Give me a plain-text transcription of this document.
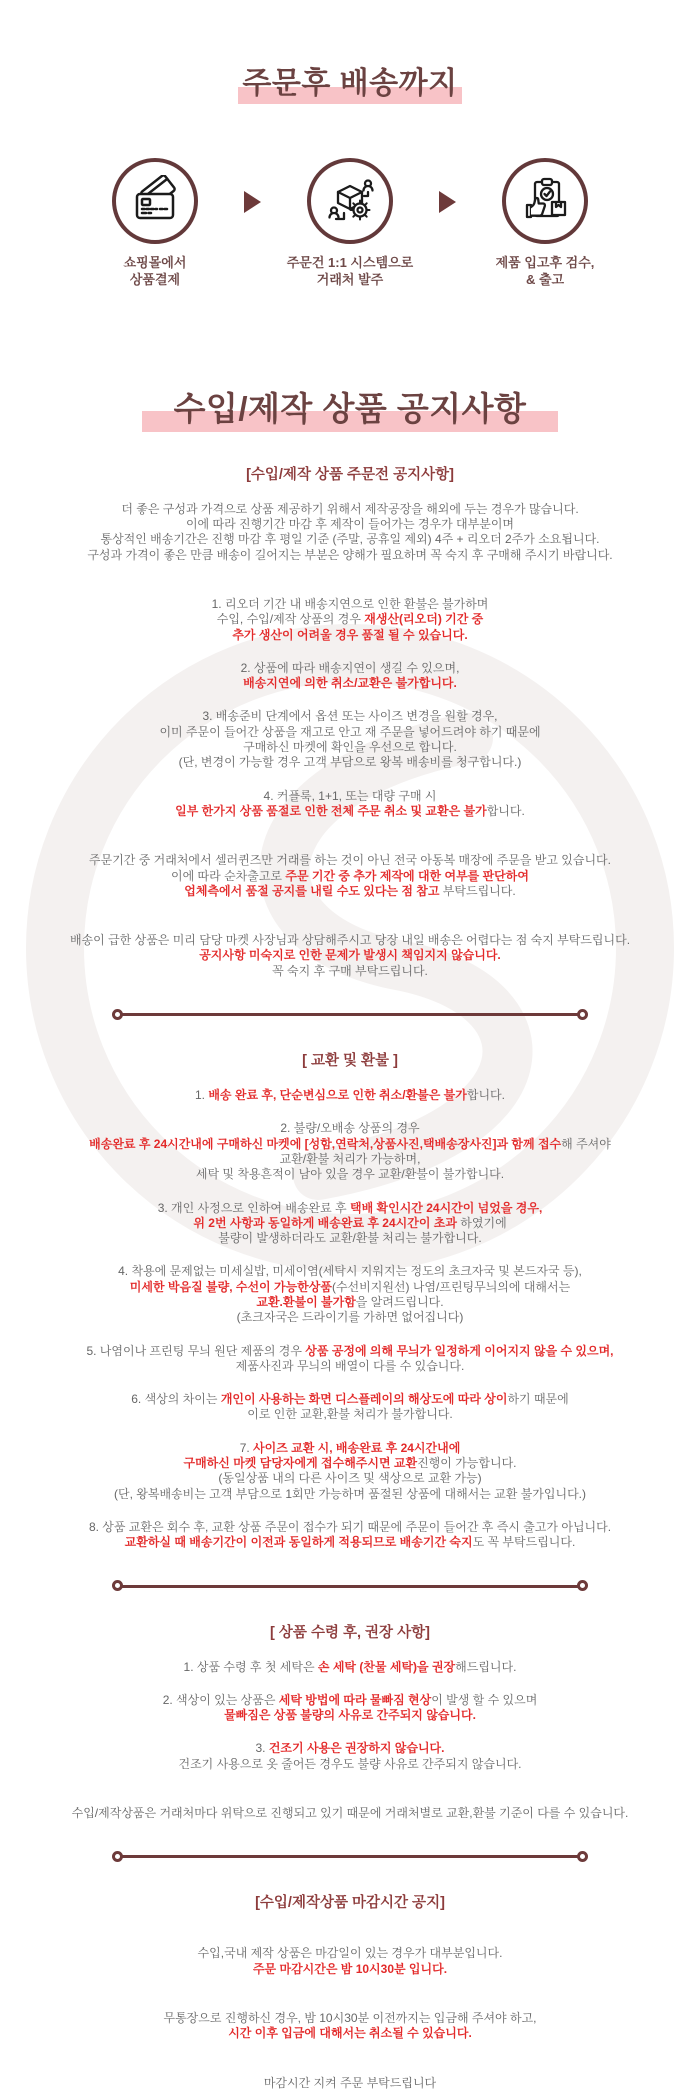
주문후 배송까지
쇼핑몰에서
상품결제
주문건 1:1 시스템으로
거래처 발주
제품 입고후 검수,
& 출고
수입/제작 상품 공지사항
[수입/제작 상품 주문전 공지사항]

더 좋은 구성과 가격으로 상품 제공하기 위해서 제작공장을 해외에 두는 경우가 많습니다.

이에 따라 진행기간 마감 후 제작이 들어가는 경우가 대부분이며

통상적인 배송기간은 진행 마감 후 평일 기준 (주말, 공휴일 제외) 4주 + 리오더 2주가 소요됩니다.

구성과 가격이 좋은 만큼 배송이 길어지는 부분은 양해가 필요하며 꼭 숙지 후 구매해 주시기 바랍니다.

1. 리오더 기간 내 배송지연으로 인한 환불은 불가하며

수입, 수입/제작 상품의 경우 재생산(리오더) 기간 중

추가 생산이 어려울 경우 품절 될 수 있습니다.

2. 상품에 따라 배송지연이 생길 수 있으며,

배송지연에 의한 취소/교환은 불가합니다.

3. 배송준비 단계에서 옵션 또는 사이즈 변경을 원할 경우,

이미 주문이 들어간 상품을 재고로 안고 재 주문을 넣어드려야 하기 때문에

구매하신 마켓에 확인을 우선으로 합니다.

(단, 변경이 가능할 경우 고객 부담으로 왕복 배송비를 청구합니다.)

4. 커플룩, 1+1, 또는 대량 구매 시

일부 한가지 상품 품절로 인한 전체 주문 취소 및 교환은 불가합니다.

주문기간 중 거래처에서 셀러퀸즈만 거래를 하는 것이 아닌 전국 아동복 매장에 주문을 받고 있습니다.

이에 따라 순차출고로 주문 기간 중 추가 제작에 대한 여부를 판단하여

업체측에서 품절 공지를 내릴 수도 있다는 점 참고 부탁드립니다.

배송이 급한 상품은 미리 담당 마켓 사장님과 상담해주시고 당장 내일 배송은 어렵다는 점 숙지 부탁드립니다.

공지사항 미숙지로 인한 문제가 발생시 책임지지 않습니다.

꼭 숙지 후 구매 부탁드립니다.

[ 교환 및 환불 ]

1. 배송 완료 후, 단순변심으로 인한 취소/환불은 불가합니다.

2. 불량/오배송 상품의 경우

배송완료 후 24시간내에 구매하신 마켓에 [성함,연락처,상품사진,택배송장사진]과 함께 접수해 주셔야

교환/환불 처리가 가능하며,

세탁 및 착용흔적이 남아 있을 경우 교환/환불이 불가합니다.

3. 개인 사정으로 인하여 배송완료 후 택배 확인시간 24시간이 넘었을 경우,

위 2번 사항과 동일하게 배송완료 후 24시간이 초과 하였기에

불량이 발생하더라도 교환/환불 처리는 불가합니다.

4. 착용에 문제없는 미세실밥, 미세이염(세탁시 지워지는 정도의 초크자국 및 본드자국 등),

미세한 박음질 불량, 수선이 가능한상품(수선비지원선) 나염/프린팅무늬의에 대해서는

교환.환불이 불가함을 알려드립니다.

(초크자국은 드라이기를 가하면 없어집니다)

5. 나염이나 프린팅 무늬 원단 제품의 경우 상품 공정에 의해 무늬가 일정하게 이어지지 않을 수 있으며,

제품사진과 무늬의 배열이 다를 수 있습니다.

6. 색상의 차이는 개인이 사용하는 화면 디스플레이의 해상도에 따라 상이하기 때문에

이로 인한 교환,환불 처리가 불가합니다.

7. 사이즈 교환 시, 배송완료 후 24시간내에

구매하신 마켓 담당자에게 접수해주시면 교환진행이 가능합니다.

(동일상품 내의 다른 사이즈 및 색상으로 교환 가능)

(단, 왕복배송비는 고객 부담으로 1회만 가능하며 품절된 상품에 대해서는 교환 불가입니다.)

8. 상품 교환은 회수 후, 교환 상품 주문이 접수가 되기 때문에 주문이 들어간 후 즉시 출고가 아닙니다.

교환하실 때 배송기간이 이전과 동일하게 적용되므로 배송기간 숙지도 꼭 부탁드립니다.

[ 상품 수령 후, 권장 사항]

1. 상품 수령 후 첫 세탁은 손 세탁 (찬물 세탁)을 권장해드립니다.

2. 색상이 있는 상품은 세탁 방법에 따라 물빠짐 현상이 발생 할 수 있으며

물빠짐은 상품 불량의 사유로 간주되지 않습니다.

3. 건조기 사용은 권장하지 않습니다.

건조기 사용으로 옷 줄어든 경우도 불량 사유로 간주되지 않습니다.

수입/제작상품은 거래처마다 위탁으로 진행되고 있기 때문에 거래처별로 교환,환불 기준이 다를 수 있습니다.

[수입/제작상품 마감시간 공지]

수입,국내 제작 상품은 마감일이 있는 경우가 대부분입니다.

주문 마감시간은 밤 10시30분 입니다.

무통장으로 진행하신 경우, 밤 10시30분 이전까지는 입금해 주셔야 하고,

시간 이후 입금에 대해서는 취소될 수 있습니다.

마감시간 지켜 주문 부탁드립니다
